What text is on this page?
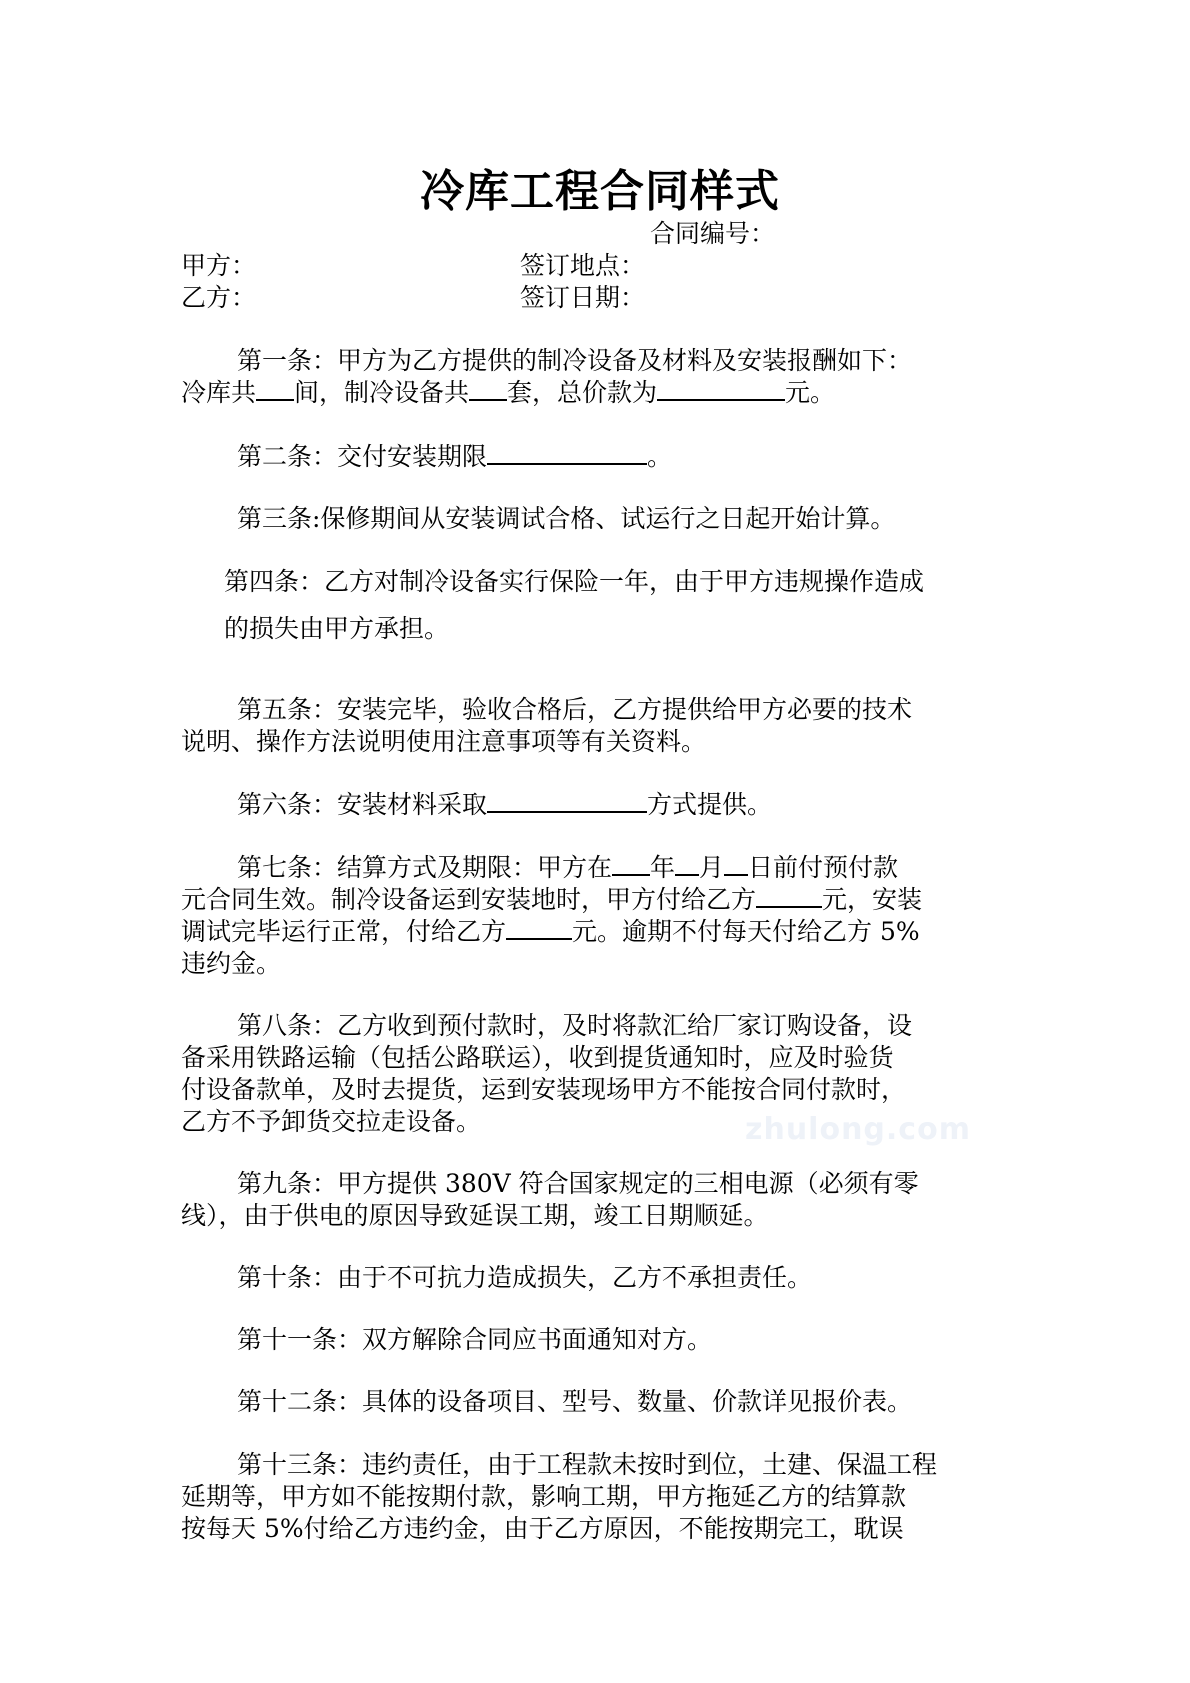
冷库工程合同样式
合同编号：
甲方：	签订地点：
乙方：	签订日期：
第一条：甲方为乙方提供的制冷设备及材料及安装报酬如下：
冷库共 间，制冷设备共 套，总价款为	元。
第二条：交付安装期限	。
第三条:保修期间从安装调试合格、试运行之日起开始计算。
第四条：乙方对制冷设备实行保险一年，由于甲方违规操作造成
的损失由甲方承担。
第五条：安装完毕，验收合格后，乙方提供给甲方必要的技术
说明、操作方法说明使用注意事项等有关资料。
第六条：安装材料采取	方式提供。
第七条：结算方式及期限：甲方在 年 月 日前付预付款
元合同生效。制冷设备运到安装地时，甲方付给乙方	元，安装
调试完毕运行正常，付给乙方	元。逾期不付每天付给乙方 5%
违约金。
第八条：乙方收到预付款时，及时将款汇给厂家订购设备，设
备采用铁路运输（包括公路联运），收到提货通知时，应及时验货
付设备款单，及时去提货，运到安装现场甲方不能按合同付款时，
乙方不予卸货交拉走设备。	zhulong.com
第九条：甲方提供 380V 符合国家规定的三相电源（必须有零
线），由于供电的原因导致延误工期，竣工日期顺延。
第十条：由于不可抗力造成损失，乙方不承担责任。
第十一条：双方解除合同应书面通知对方。
第十二条：具体的设备项目、型号、数量、价款详见报价表。
第十三条：违约责任，由于工程款未按时到位，土建、保温工程
延期等，甲方如不能按期付款，影响工期，甲方拖延乙方的结算款
按每天 5%付给乙方违约金，由于乙方原因，不能按期完工，耽误
